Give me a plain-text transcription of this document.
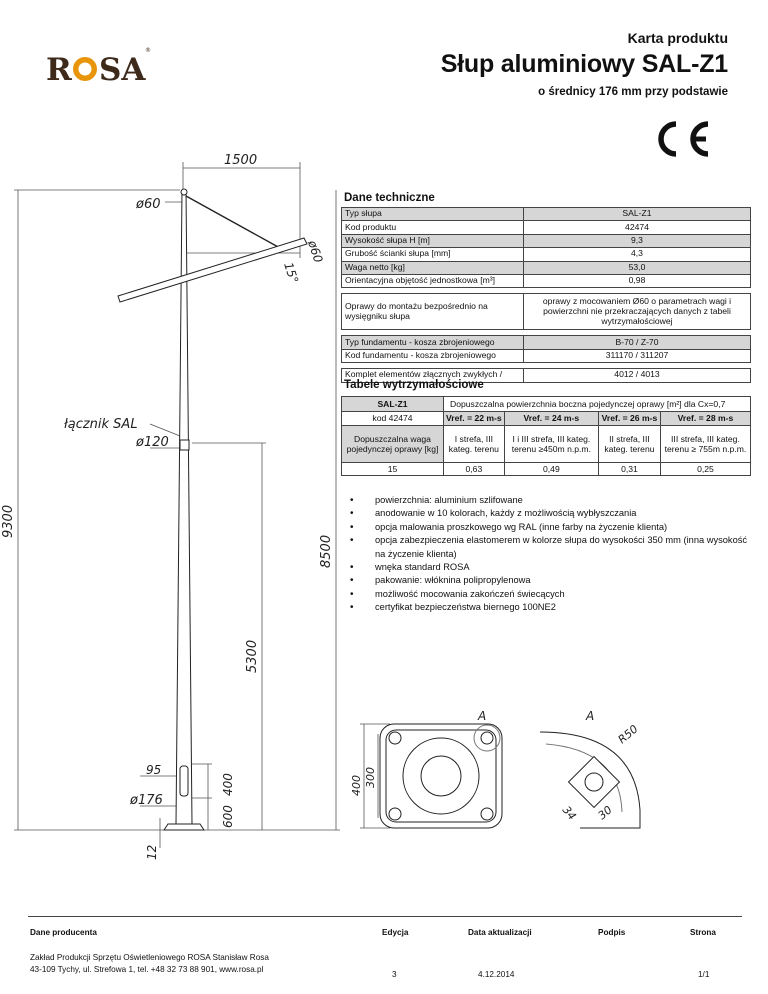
R SA
®
Karta produktu
Słup aluminiowy SAL-Z1
o średnicy 176 mm przy podstawie
1500
ø60
ø60
15°
łącznik SAL
ø120
9300
8500
5300
95
400
600
ø176
12
A	A
400 300
R50
34 30
Dane techniczne
Typ słupa	SAL-Z1
Kod produktu	42474
Wysokość słupa H [m]	9,3
Grubość ścianki słupa [mm]	4,3
Waga netto [kg]	53,0
Orientacyjna objętość jednostkowa [m³]	0,98

Oprawy do montażu bezpośrednio na wysięgniku słupa	oprawy z mocowaniem Ø60 o parametrach wagi i powierzchni nie przekraczających danych z tabeli wytrzymałościowej

Typ fundamentu - kosza zbrojeniowego	B-70 / Z-70
Kod fundamentu - kosza zbrojeniowego	311170 / 311207

Komplet elementów złącznych zwykłych /	4012 / 4013
Tabele wytrzymałościowe
SAL-Z1	Dopuszczalna powierzchnia boczna pojedynczej oprawy [m²] dla Cx=0,7			
kod 42474	Vref. = 22 m-s	Vref. = 24 m-s	Vref. = 26 m-s	Vref. = 28 m-s
Dopuszczalna waga pojedynczej oprawy [kg]	I strefa, III kateg. terenu	I i III strefa, III kateg. terenu ≥450m n.p.m.	II strefa, III kateg. terenu	III strefa, III kateg. terenu ≥ 755m n.p.m.
15	0,63	0,49	0,31	0,25
• powierzchnia: aluminium szlifowane
• anodowanie w 10 kolorach, każdy z możliwością wybłyszczania
• opcja malowania proszkowego wg RAL (inne farby na życzenie klienta)
• opcja zabezpieczenia elastomerem w kolorze słupa do wysokości 350 mm (inna wysokość na życzenie klienta)
• wnęka standard ROSA
• pakowanie: włóknina polipropylenowa
• możliwość mocowania zakończeń świecących
• certyfikat bezpieczeństwa biernego 100NE2
Dane producenta
Zakład Produkcji Sprzętu Oświetleniowego ROSA Stanisław Rosa
43-109 Tychy, ul. Strefowa 1, tel. +48 32 73 88 901, www.rosa.pl
Edycja
3
Data aktualizacji
4.12.2014
Podpis	Strona
1/1
